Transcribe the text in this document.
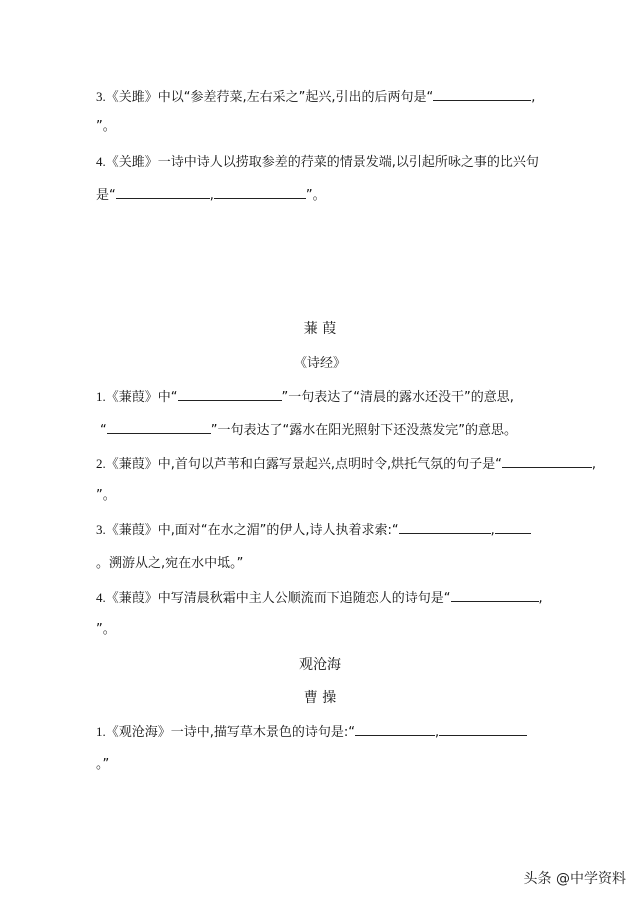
3.《关雎》中以“参差荇菜,左右采之”起兴,引出的后两句是“	,
”。
4.《关雎》一诗中诗人以捞取参差的荇菜的情景发端,以引起所咏之事的比兴句
是“	,	”。
蒹 葭
《诗经》
1.《蒹葭》中“	”一句表达了“清晨的露水还没干”的意思,
“	”一句表达了“露水在阳光照射下还没蒸发完”的意思。
2.《蒹葭》中,首句以芦苇和白露写景起兴,点明时令,烘托气氛的句子是“	,
”。
3.《蒹葭》中,面对“在水之湄”的伊人,诗人执着求索:“	,
。溯游从之,宛在水中坻。”
4.《蒹葭》中写清晨秋霜中主人公顺流而下追随恋人的诗句是“	,
”。
观沧海
曹 操
1.《观沧海》一诗中,描写草木景色的诗句是:“	,
。”
头条 @中学资料
